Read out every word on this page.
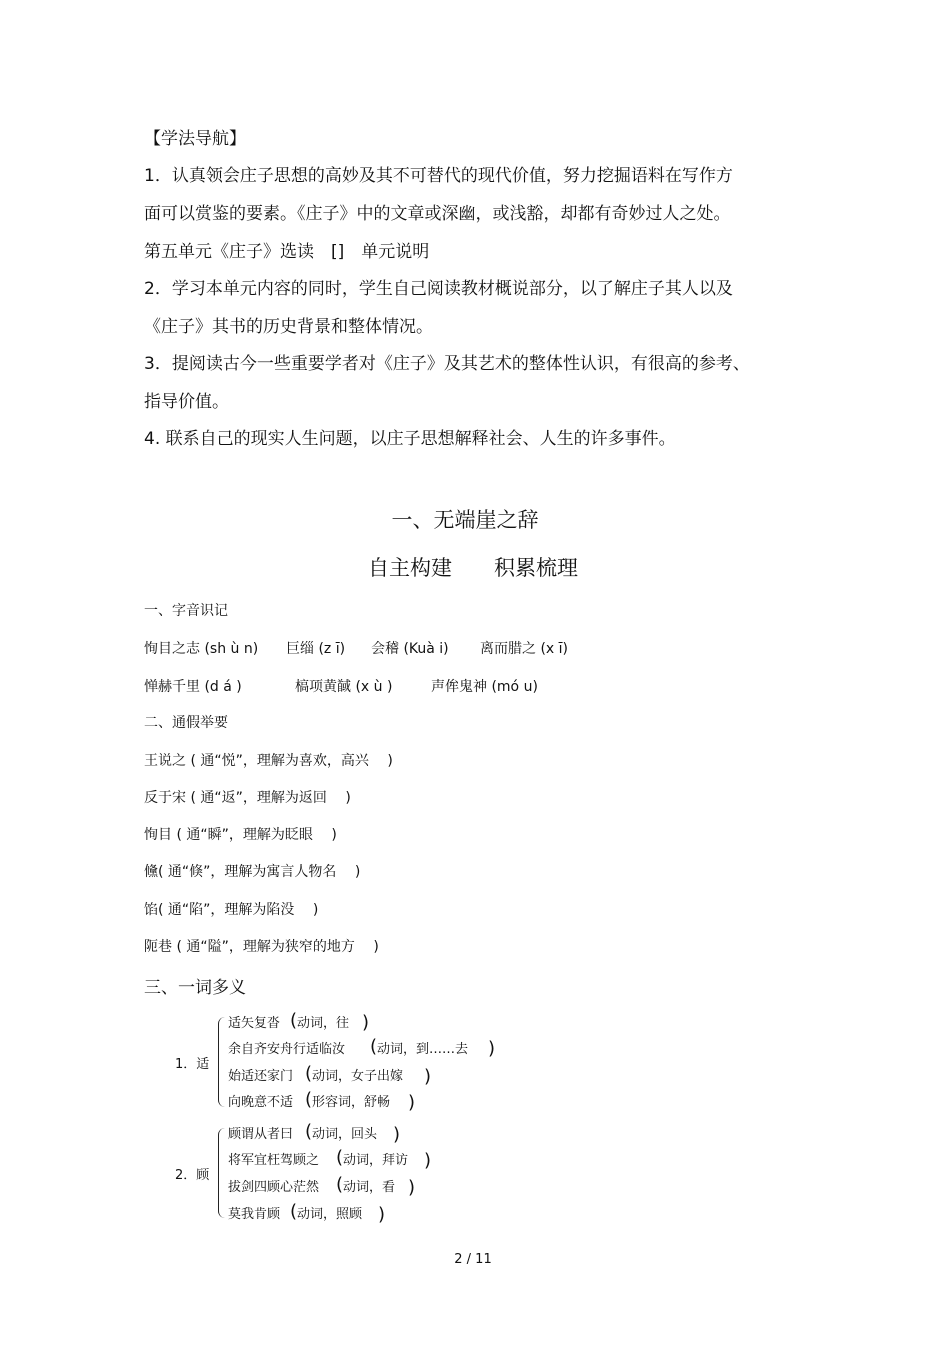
【学法导航】
1．认真领会庄子思想的高妙及其不可替代的现代价值，努力挖掘语料在写作方
面可以赏鉴的要素。《庄子》中的文章或深幽，或浅豁，却都有奇妙过人之处。
第五单元《庄子》选读　[]　单元说明
2．学习本单元内容的同时，学生自己阅读教材概说部分，以了解庄子其人以及
《庄子》其书的历史背景和整体情况。
3．提阅读古今一些重要学者对《庄子》及其艺术的整体性认识，有很高的参考、
指导价值。
4. 联系自己的现实人生问题，以庄子思想解释社会、人生的许多事件。
一、无端崖之辞
自主构建　　积累梳理
一、字音识记
恂目之志 (sh ù n) 巨缁 (z ī) 会稽 (Kuà i) 离而腊之 (x ī)
惮赫千里 (d á )	槁项黄馘 (x ù )	声侔鬼神 (mó u)
二、通假举要
王说之 ( 通“悦”，理解为喜欢，高兴　 )
反于宋 ( 通“返”，理解为返回　 )
恂目 ( 通“瞬”，理解为眨眼　 )
儵( 通“倏”，理解为寓言人物名　 )
馅( 通“陷”，理解为陷没　 )
阨巷 ( 通“隘”，理解为狭窄的地方　 )
三、一词多义
1．适
适矢复沓 ( 动词，往 )
余自齐安舟行适临汝 ( 动词，到……去 )
始适还家门 ( 动词，女子出嫁 )
向晚意不适 ( 形容词，舒畅 )
2．顾
顾谓从者曰 ( 动词，回头 )
将军宜枉驾顾之 ( 动词，拜访 )
拔剑四顾心茫然 ( 动词，看 )
莫我肯顾 ( 动词，照顾 )
2 / 11
